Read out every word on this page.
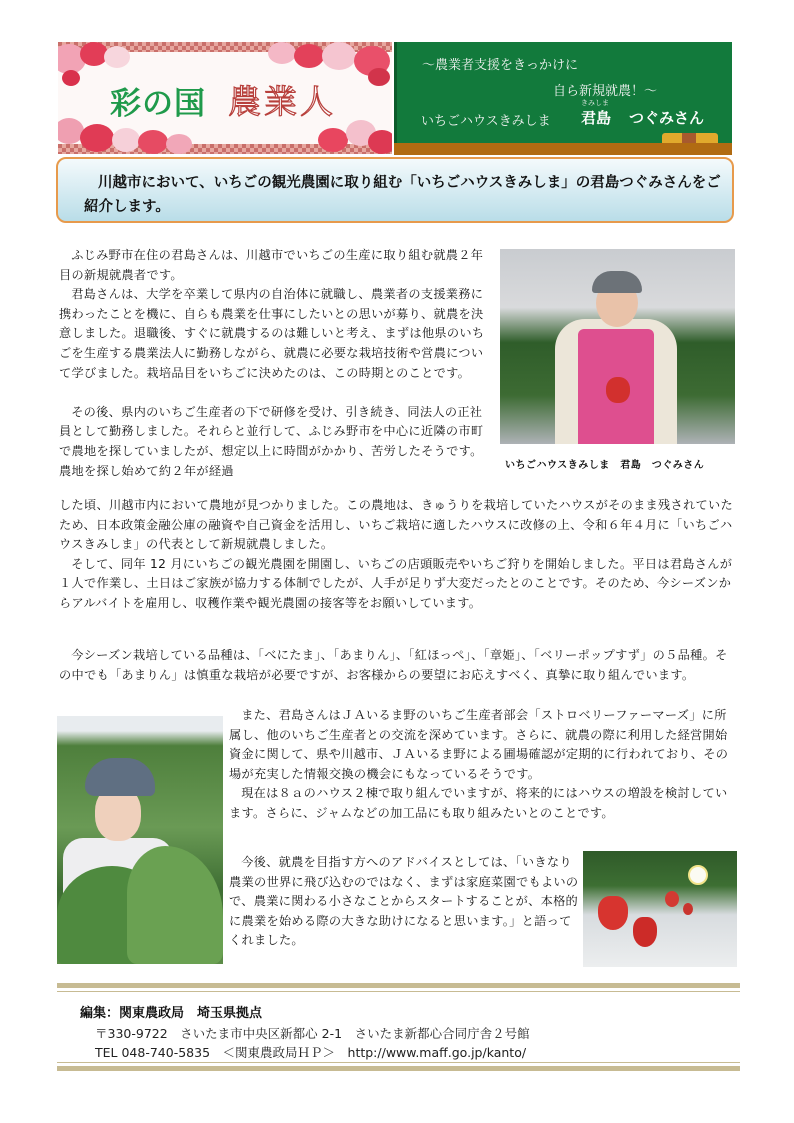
彩の国 農業人
～農業者支援をきっかけに
自ら新規就農！～
いちごハウスきみしま
きみしま
君島 つぐみさん
川越市において、いちごの観光農園に取り組む「いちごハウスきみしま」の君島つぐみさんをご紹介します。

ふじみ野市在住の君島さんは、川越市でいちごの生産に取り組む就農２年目の新規就農者です。

君島さんは、大学を卒業して県内の自治体に就職し、農業者の支援業務に携わったことを機に、自らも農業を仕事にしたいとの思いが募り、就農を決意しました。退職後、すぐに就農するのは難しいと考え、まずは他県のいちごを生産する農業法人に勤務しながら、就農に必要な栽培技術や営農について学びました。栽培品目をいちごに決めたのは、この時期とのことです。

その後、県内のいちご生産者の下で研修を受け、引き続き、同法人の正社員として勤務しました。それらと並行して、ふじみ野市を中心に近隣の市町で農地を探していましたが、想定以上に時間がかかり、苦労したそうです。農地を探し始めて約２年が経過	いちごハウスきみしま　君島　つぐみさん

した頃、川越市内において農地が見つかりました。この農地は、きゅうりを栽培していたハウスがそのまま残されていたため、日本政策金融公庫の融資や自己資金を活用し、いちご栽培に適したハウスに改修の上、令和６年４月に「いちごハウスきみしま」の代表として新規就農しました。

そして、同年 12 月にいちごの観光農園を開園し、いちごの店頭販売やいちご狩りを開始しました。平日は君島さんが１人で作業し、土日はご家族が協力する体制でしたが、人手が足りず大変だったとのことです。そのため、今シーズンからアルバイトを雇用し、収穫作業や観光農園の接客等をお願いしています。

今シーズン栽培している品種は、「べにたま」、「あまりん」、「紅ほっぺ」、「章姫」、「ベリーポップすず」の５品種。その中でも「あまりん」は慎重な栽培が必要ですが、お客様からの要望にお応えすべく、真摯に取り組んでいます。

また、君島さんはＪＡいるま野のいちご生産者部会「ストロベリーファーマーズ」に所属し、他のいちご生産者との交流を深めています。さらに、就農の際に利用した経営開始資金に関して、県や川越市、ＪＡいるま野による圃場確認が定期的に行われており、その場が充実した情報交換の機会にもなっているそうです。

現在は８ａのハウス２棟で取り組んでいますが、将来的にはハウスの増設を検討しています。さらに、ジャムなどの加工品にも取り組みたいとのことです。

今後、就農を目指す方へのアドバイスとしては、「いきなり農業の世界に飛び込むのではなく、まずは家庭菜園でもよいので、農業に関わる小さなことからスタートすることが、本格的に農業を始める際の大きな助けになると思います。」と語ってくれました。

編集：関東農政局　埼玉県拠点
〒330-9722　さいたま市中央区新都心 2-1　さいたま新都心合同庁舎２号館
TEL 048-740-5835　＜関東農政局ＨＰ＞　http://www.maff.go.jp/kanto/
